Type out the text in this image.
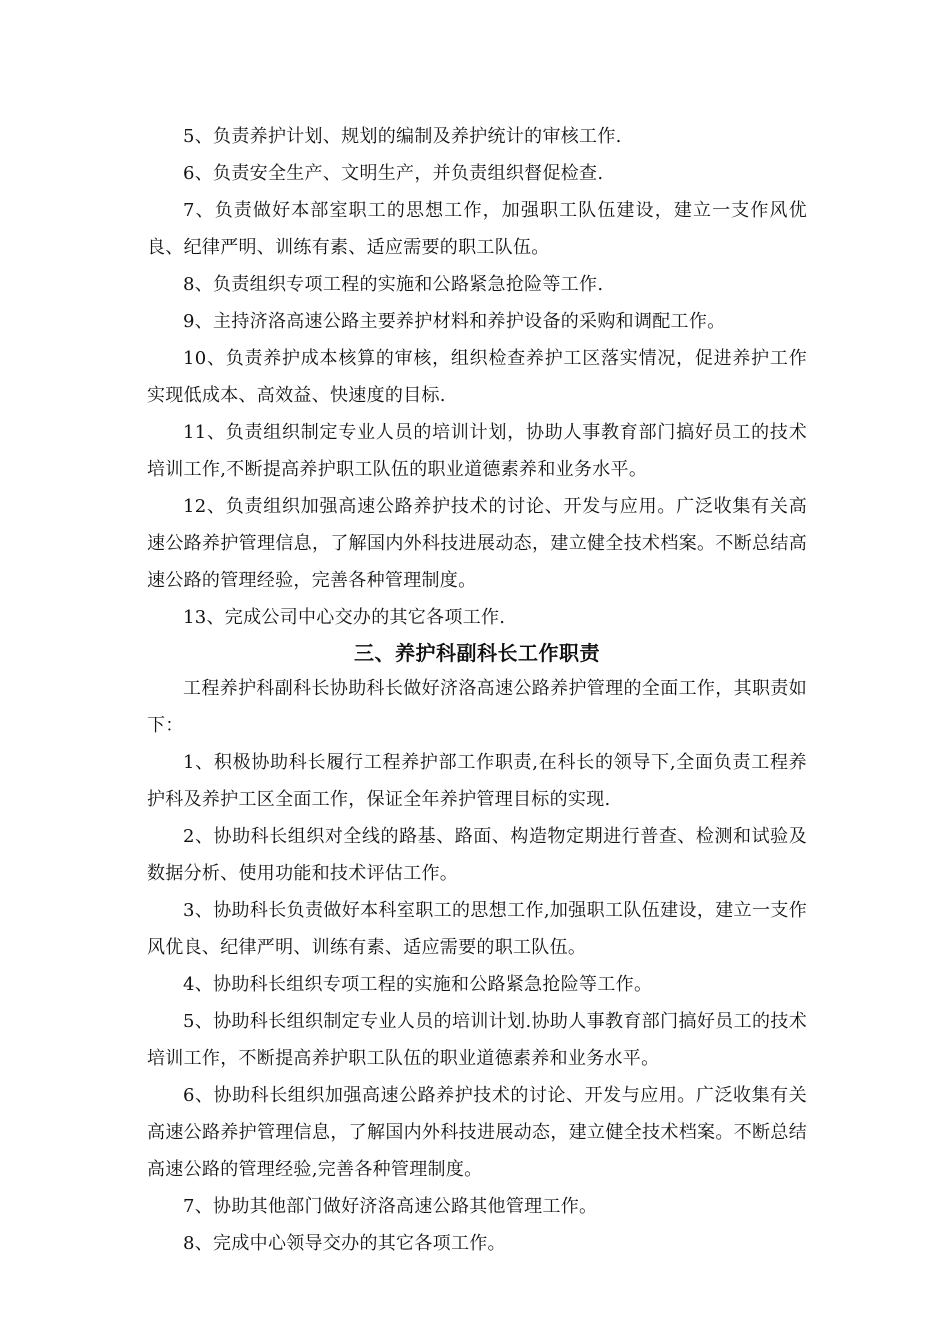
5、负责养护计划、规划的编制及养护统计的审核工作.

6、负责安全生产、文明生产，并负责组织督促检查.

7、负责做好本部室职工的思想工作，加强职工队伍建设，建立一支作风优良、纪律严明、训练有素、适应需要的职工队伍。

8、负责组织专项工程的实施和公路紧急抢险等工作.

9、主持济洛高速公路主要养护材料和养护设备的采购和调配工作。

10、负责养护成本核算的审核，组织检查养护工区落实情况，促进养护工作实现低成本、高效益、快速度的目标.

11、负责组织制定专业人员的培训计划，协助人事教育部门搞好员工的技术培训工作,不断提高养护职工队伍的职业道德素养和业务水平。

12、负责组织加强高速公路养护技术的讨论、开发与应用。广泛收集有关高速公路养护管理信息，了解国内外科技进展动态，建立健全技术档案。不断总结高速公路的管理经验，完善各种管理制度。

13、完成公司中心交办的其它各项工作.

三、养护科副科长工作职责

工程养护科副科长协助科长做好济洛高速公路养护管理的全面工作，其职责如下：

1、积极协助科长履行工程养护部工作职责,在科长的领导下,全面负责工程养护科及养护工区全面工作，保证全年养护管理目标的实现.

2、协助科长组织对全线的路基、路面、构造物定期进行普查、检测和试验及数据分析、使用功能和技术评估工作。

3、协助科长负责做好本科室职工的思想工作,加强职工队伍建设，建立一支作风优良、纪律严明、训练有素、适应需要的职工队伍。

4、协助科长组织专项工程的实施和公路紧急抢险等工作。

5、协助科长组织制定专业人员的培训计划.协助人事教育部门搞好员工的技术培训工作，不断提高养护职工队伍的职业道德素养和业务水平。

6、协助科长组织加强高速公路养护技术的讨论、开发与应用。广泛收集有关高速公路养护管理信息，了解国内外科技进展动态，建立健全技术档案。不断总结高速公路的管理经验,完善各种管理制度。

7、协助其他部门做好济洛高速公路其他管理工作。

8、完成中心领导交办的其它各项工作。
